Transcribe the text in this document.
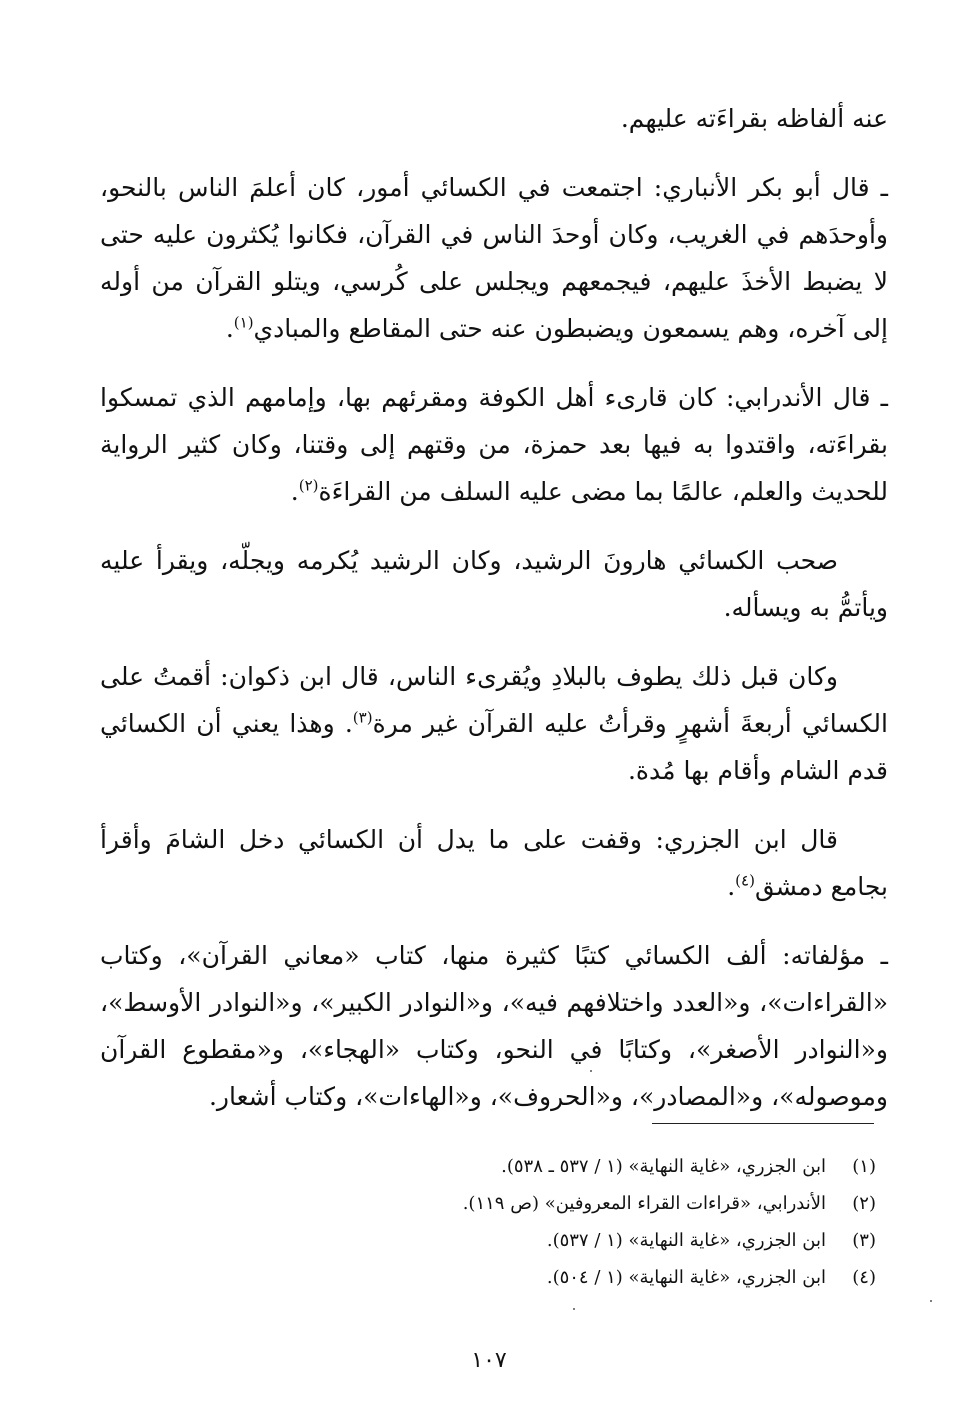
عنه ألفاظه بقراءَته عليهم.

ـ قال أبو بكر الأنباري: اجتمعت في الكسائي أمور، كان أعلمَ الناس بالنحو، وأوحدَهم في الغريب، وكان أوحدَ الناس في القرآن، فكانوا يُكثرون عليه حتى لا يضبط الأخذَ عليهم، فيجمعهم ويجلس على كُرسي، ويتلو القرآن من أوله إلى آخره، وهم يسمعون ويضبطون عنه حتى المقاطع والمبادي$^{(١)}$.

ـ قال الأندرابي: كان قارىء أهل الكوفة ومقرئهم بها، وإمامهم الذي تمسكوا بقراءَته، واقتدوا به فيها بعد حمزة، من وقتهم إلى وقتنا، وكان كثير الرواية للحديث والعلم، عالمًا بما مضى عليه السلف من القراءَة$^{(٢)}$.

صحب الكسائي هارونَ الرشيد، وكان الرشيد يُكرمه ويجلّه، ويقرأ عليه ويأتمُّ به ويسأله.

وكان قبل ذلك يطوف بالبلادِ ويُقرىء الناس، قال ابن ذكوان: أقمتُ على الكسائي أربعةَ أشهرٍ وقرأتُ عليه القرآن غير مرة$^{(٣)}$. وهذا يعني أن الكسائي قدم الشام وأقام بها مُدة.

قال ابن الجزري: وقفت على ما يدل أن الكسائي دخل الشامَ وأقرأ بجامع دمشق$^{(٤)}$.

ـ مؤلفاته: ألف الكسائي كتبًا كثيرة منها، كتاب «معاني القرآن»، وكتاب «القراءات»، و«العدد واختلافهم فيه»، و«النوادر الكبير»، و«النوادر الأوسط»، و«النوادر الأصغر»، وكتابًا في النحو، وكتاب «الهجاء»، و«مقطوع القرآن وموصوله»، و«المصادر»، و«الحروف»، و«الهاءات»، وكتاب أشعار.

(١)
ابن الجزري، «غاية النهاية» (١ / ٥٣٧ ـ ٥٣٨).
(٢)
الأندرابي، «قراءات القراء المعروفين» (ص ١١٩).
(٣)
ابن الجزري، «غاية النهاية» (١ / ٥٣٧).
(٤)
ابن الجزري، «غاية النهاية» (١ / ٥٠٤).
١٠٧
